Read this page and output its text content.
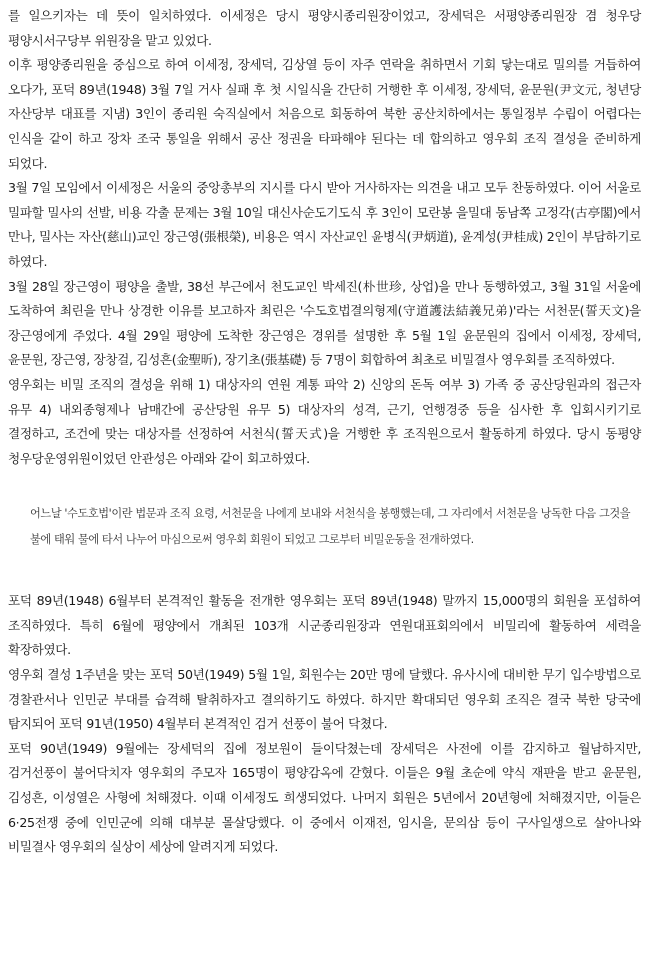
를 일으키자는 데 뜻이 일치하였다. 이세정은 당시 평양시종리원장이었고, 장세덕은 서평양종리원장 겸 청우당 평양시서구당부 위원장을 맡고 있었다.

이후 평양종리원을 중심으로 하여 이세정, 장세덕, 김상열 등이 자주 연락을 취하면서 기회 닿는대로 밀의를 거듭하여 오다가, 포덕 89년(1948) 3월 7일 거사 실패 후 첫 시일식을 간단히 거행한 후 이세정, 장세덕, 윤문원(尹文元, 청년당 자산당부 대표를 지냄) 3인이 종리원 숙직실에서 처음으로 회동하여 북한 공산치하에서는 통일정부 수립이 어렵다는 인식을 같이 하고 장차 조국 통일을 위해서 공산 정권을 타파해야 된다는 데 합의하고 영우회 조직 결성을 준비하게 되었다.

3월 7일 모임에서 이세정은 서울의 중앙총부의 지시를 다시 받아 거사하자는 의견을 내고 모두 찬동하였다. 이어 서울로 밀파할 밀사의 선발, 비용 각출 문제는 3월 10일 대신사순도기도식 후 3인이 모란봉 을밀대 동남쪽 고정각(古亭閣)에서 만나, 밀사는 자산(慈山)교인 장근영(張根榮), 비용은 역시 자산교인 윤병식(尹炳道), 윤계성(尹桂成) 2인이 부담하기로 하였다.

3월 28일 장근영이 평양을 출발, 38선 부근에서 천도교인 박세진(朴世珍, 상업)을 만나 동행하였고, 3월 31일 서울에 도착하여 최린을 만나 상경한 이유를 보고하자 최린은 '수도호법결의형제(守道護法結義兄弟)'라는 서천문(誓天文)을 장근영에게 주었다. 4월 29일 평양에 도착한 장근영은 경위를 설명한 후 5월 1일 윤문원의 집에서 이세정, 장세덕, 윤문원, 장근영, 장창걸, 김성흔(金聖昕), 장기초(張基礎) 등 7명이 회합하여 최초로 비밀결사 영우회를 조직하였다.

영우회는 비밀 조직의 결성을 위해 1) 대상자의 연원 계통 파악 2) 신앙의 돈독 여부 3) 가족 중 공산당원과의 접근자 유무 4) 내외종형제나 남매간에 공산당원 유무 5) 대상자의 성격, 근기, 언행경중 등을 심사한 후 입회시키기로 결정하고, 조건에 맞는 대상자를 선정하여 서천식(誓天式)을 거행한 후 조직원으로서 활동하게 하였다. 당시 동평양 청우당운영위원이었던 안관성은 아래와 같이 회고하였다.

어느날 '수도호법'이란 법문과 조직 요령, 서천문을 나에게 보내와 서천식을 봉행했는데, 그 자리에서 서천문을 낭독한 다음 그것을 불에 태워 물에 타서 나누어 마심으로써 영우회 회원이 되었고 그로부터 비밀운동을 전개하였다.

포덕 89년(1948) 6월부터 본격적인 활동을 전개한 영우회는 포덕 89년(1948) 말까지 15,000명의 회원을 포섭하여 조직하였다. 특히 6월에 평양에서 개최된 103개 시군종리원장과 연원대표회의에서 비밀리에 활동하여 세력을 확장하였다.

영우회 결성 1주년을 맞는 포덕 50년(1949) 5월 1일, 회원수는 20만 명에 달했다. 유사시에 대비한 무기 입수방법으로 경찰관서나 인민군 부대를 습격해 탈취하자고 결의하기도 하였다. 하지만 확대되던 영우회 조직은 결국 북한 당국에 탐지되어 포덕 91년(1950) 4월부터 본격적인 검거 선풍이 불어 닥쳤다.

포덕 90년(1949) 9월에는 장세덕의 집에 정보원이 들이닥쳤는데 장세덕은 사전에 이를 감지하고 월남하지만, 검거선풍이 불어닥치자 영우회의 주모자 165명이 평양감옥에 갇혔다. 이들은 9월 초순에 약식 재판을 받고 윤문원, 김성흔, 이성열은 사형에 처해졌다. 이때 이세정도 희생되었다. 나머지 회원은 5년에서 20년형에 처해졌지만, 이들은 6·25전쟁 중에 인민군에 의해 대부분 몰살당했다. 이 중에서 이재전, 임시을, 문의삼 등이 구사일생으로 살아나와 비밀결사 영우회의 실상이 세상에 알려지게 되었다.
